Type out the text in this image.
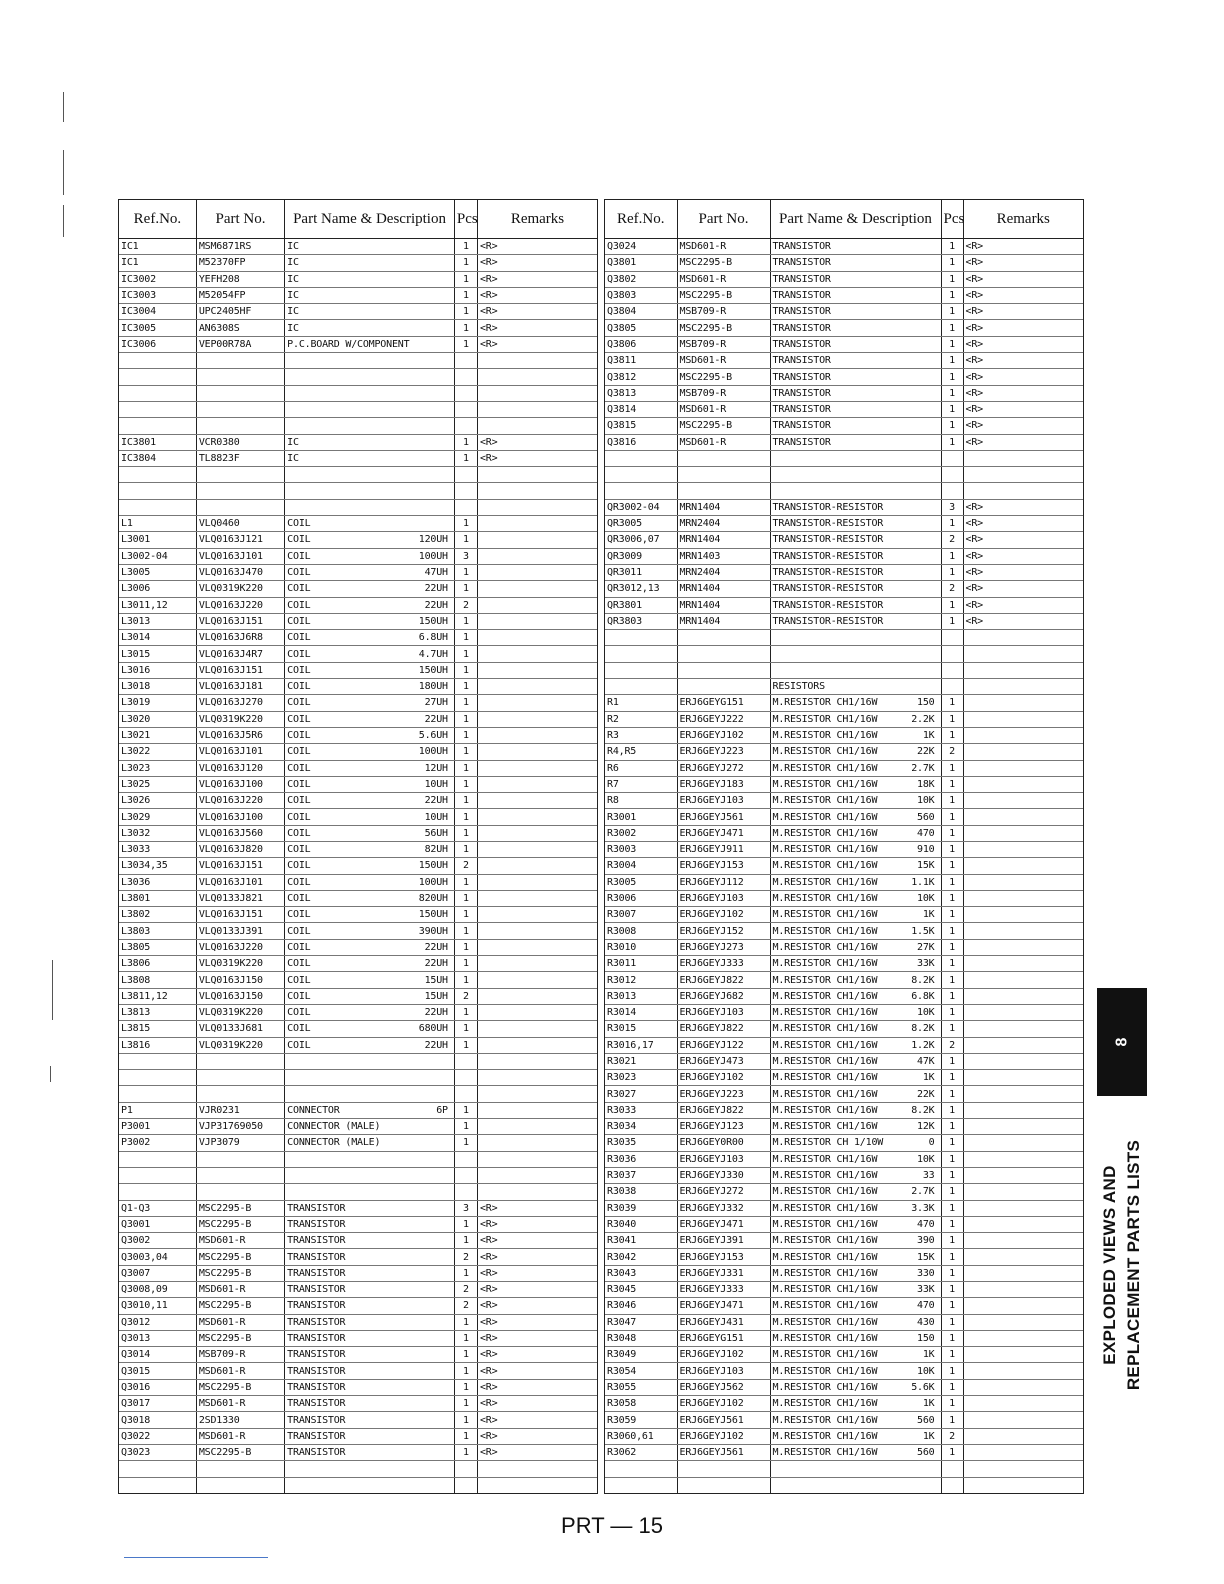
Ref.No.	Part No.	Part Name & Description	Pcs	Remarks
IC1	MSM6871RS	IC	1	<R>
IC1	M52370FP	IC	1	<R>
IC3002	YEFH208	IC	1	<R>
IC3003	M52054FP	IC	1	<R>
IC3004	UPC2405HF	IC	1	<R>
IC3005	AN6308S	IC	1	<R>
IC3006	VEP00R78A	P.C.BOARD W/COMPONENT	1	<R>

IC3801	VCR0380	IC	1	<R>
IC3804	TL8823F	IC	1	<R>

L1	VLQ0460	COIL	1	
L3001	VLQ0163J121	COIL 120UH	1	
L3002-04	VLQ0163J101	COIL 100UH	3	
L3005	VLQ0163J470	COIL 47UH	1	
L3006	VLQ0319K220	COIL 22UH	1	
L3011,12	VLQ0163J220	COIL 22UH	2	
L3013	VLQ0163J151	COIL 150UH	1	
L3014	VLQ0163J6R8	COIL 6.8UH	1	
L3015	VLQ0163J4R7	COIL 4.7UH	1	
L3016	VLQ0163J151	COIL 150UH	1	
L3018	VLQ0163J181	COIL 180UH	1	
L3019	VLQ0163J270	COIL 27UH	1	
L3020	VLQ0319K220	COIL 22UH	1	
L3021	VLQ0163J5R6	COIL 5.6UH	1	
L3022	VLQ0163J101	COIL 100UH	1	
L3023	VLQ0163J120	COIL 12UH	1	
L3025	VLQ0163J100	COIL 10UH	1	
L3026	VLQ0163J220	COIL 22UH	1	
L3029	VLQ0163J100	COIL 10UH	1	
L3032	VLQ0163J560	COIL 56UH	1	
L3033	VLQ0163J820	COIL 82UH	1	
L3034,35	VLQ0163J151	COIL 150UH	2	
L3036	VLQ0163J101	COIL 100UH	1	
L3801	VLQ0133J821	COIL 820UH	1	
L3802	VLQ0163J151	COIL 150UH	1	
L3803	VLQ0133J391	COIL 390UH	1	
L3805	VLQ0163J220	COIL 22UH	1	
L3806	VLQ0319K220	COIL 22UH	1	
L3808	VLQ0163J150	COIL 15UH	1	
L3811,12	VLQ0163J150	COIL 15UH	2	
L3813	VLQ0319K220	COIL 22UH	1	
L3815	VLQ0133J681	COIL 680UH	1	
L3816	VLQ0319K220	COIL 22UH	1	

P1	VJR0231	CONNECTOR 6P	1	
P3001	VJP31769050	CONNECTOR (MALE)	1	
P3002	VJP3079	CONNECTOR (MALE)	1	

Q1-Q3	MSC2295-B	TRANSISTOR	3	<R>
Q3001	MSC2295-B	TRANSISTOR	1	<R>
Q3002	MSD601-R	TRANSISTOR	1	<R>
Q3003,04	MSC2295-B	TRANSISTOR	2	<R>
Q3007	MSC2295-B	TRANSISTOR	1	<R>
Q3008,09	MSD601-R	TRANSISTOR	2	<R>
Q3010,11	MSC2295-B	TRANSISTOR	2	<R>
Q3012	MSD601-R	TRANSISTOR	1	<R>
Q3013	MSC2295-B	TRANSISTOR	1	<R>
Q3014	MSB709-R	TRANSISTOR	1	<R>
Q3015	MSD601-R	TRANSISTOR	1	<R>
Q3016	MSC2295-B	TRANSISTOR	1	<R>
Q3017	MSD601-R	TRANSISTOR	1	<R>
Q3018	2SD1330	TRANSISTOR	1	<R>
Q3022	MSD601-R	TRANSISTOR	1	<R>
Q3023	MSC2295-B	TRANSISTOR	1	<R>

Ref.No.	Part No.	Part Name & Description	Pcs	Remarks
Q3024	MSD601-R	TRANSISTOR	1	<R>
Q3801	MSC2295-B	TRANSISTOR	1	<R>
Q3802	MSD601-R	TRANSISTOR	1	<R>
Q3803	MSC2295-B	TRANSISTOR	1	<R>
Q3804	MSB709-R	TRANSISTOR	1	<R>
Q3805	MSC2295-B	TRANSISTOR	1	<R>
Q3806	MSB709-R	TRANSISTOR	1	<R>
Q3811	MSD601-R	TRANSISTOR	1	<R>
Q3812	MSC2295-B	TRANSISTOR	1	<R>
Q3813	MSB709-R	TRANSISTOR	1	<R>
Q3814	MSD601-R	TRANSISTOR	1	<R>
Q3815	MSC2295-B	TRANSISTOR	1	<R>
Q3816	MSD601-R	TRANSISTOR	1	<R>

QR3002-04	MRN1404	TRANSISTOR-RESISTOR	3	<R>
QR3005	MRN2404	TRANSISTOR-RESISTOR	1	<R>
QR3006,07	MRN1404	TRANSISTOR-RESISTOR	2	<R>
QR3009	MRN1403	TRANSISTOR-RESISTOR	1	<R>
QR3011	MRN2404	TRANSISTOR-RESISTOR	1	<R>
QR3012,13	MRN1404	TRANSISTOR-RESISTOR	2	<R>
QR3801	MRN1404	TRANSISTOR-RESISTOR	1	<R>
QR3803	MRN1404	TRANSISTOR-RESISTOR	1	<R>

		RESISTORS		

R1	ERJ6GEYG151	M.RESISTOR CH1/16W 150	1	
R2	ERJ6GEYJ222	M.RESISTOR CH1/16W 2.2K	1	
R3	ERJ6GEYJ102	M.RESISTOR CH1/16W 1K	1	
R4,R5	ERJ6GEYJ223	M.RESISTOR CH1/16W 22K	2	
R6	ERJ6GEYJ272	M.RESISTOR CH1/16W 2.7K	1	
R7	ERJ6GEYJ183	M.RESISTOR CH1/16W 18K	1	
R8	ERJ6GEYJ103	M.RESISTOR CH1/16W 10K	1	
R3001	ERJ6GEYJ561	M.RESISTOR CH1/16W 560	1	
R3002	ERJ6GEYJ471	M.RESISTOR CH1/16W 470	1	
R3003	ERJ6GEYJ911	M.RESISTOR CH1/16W 910	1	
R3004	ERJ6GEYJ153	M.RESISTOR CH1/16W 15K	1	
R3005	ERJ6GEYJ112	M.RESISTOR CH1/16W 1.1K	1	
R3006	ERJ6GEYJ103	M.RESISTOR CH1/16W 10K	1	
R3007	ERJ6GEYJ102	M.RESISTOR CH1/16W 1K	1	
R3008	ERJ6GEYJ152	M.RESISTOR CH1/16W 1.5K	1	
R3010	ERJ6GEYJ273	M.RESISTOR CH1/16W 27K	1	
R3011	ERJ6GEYJ333	M.RESISTOR CH1/16W 33K	1	
R3012	ERJ6GEYJ822	M.RESISTOR CH1/16W 8.2K	1	
R3013	ERJ6GEYJ682	M.RESISTOR CH1/16W 6.8K	1	
R3014	ERJ6GEYJ103	M.RESISTOR CH1/16W 10K	1	
R3015	ERJ6GEYJ822	M.RESISTOR CH1/16W 8.2K	1	
R3016,17	ERJ6GEYJ122	M.RESISTOR CH1/16W 1.2K	2	
R3021	ERJ6GEYJ473	M.RESISTOR CH1/16W 47K	1	
R3023	ERJ6GEYJ102	M.RESISTOR CH1/16W 1K	1	
R3027	ERJ6GEYJ223	M.RESISTOR CH1/16W 22K	1	
R3033	ERJ6GEYJ822	M.RESISTOR CH1/16W 8.2K	1	
R3034	ERJ6GEYJ123	M.RESISTOR CH1/16W 12K	1	
R3035	ERJ6GEY0R00	M.RESISTOR CH 1/10W 0	1	
R3036	ERJ6GEYJ103	M.RESISTOR CH1/16W 10K	1	
R3037	ERJ6GEYJ330	M.RESISTOR CH1/16W 33	1	
R3038	ERJ6GEYJ272	M.RESISTOR CH1/16W 2.7K	1	
R3039	ERJ6GEYJ332	M.RESISTOR CH1/16W 3.3K	1	
R3040	ERJ6GEYJ471	M.RESISTOR CH1/16W 470	1	
R3041	ERJ6GEYJ391	M.RESISTOR CH1/16W 390	1	
R3042	ERJ6GEYJ153	M.RESISTOR CH1/16W 15K	1	
R3043	ERJ6GEYJ331	M.RESISTOR CH1/16W 330	1	
R3045	ERJ6GEYJ333	M.RESISTOR CH1/16W 33K	1	
R3046	ERJ6GEYJ471	M.RESISTOR CH1/16W 470	1	
R3047	ERJ6GEYJ431	M.RESISTOR CH1/16W 430	1	
R3048	ERJ6GEYG151	M.RESISTOR CH1/16W 150	1	
R3049	ERJ6GEYJ102	M.RESISTOR CH1/16W 1K	1	
R3054	ERJ6GEYJ103	M.RESISTOR CH1/16W 10K	1	
R3055	ERJ6GEYJ562	M.RESISTOR CH1/16W 5.6K	1	
R3058	ERJ6GEYJ102	M.RESISTOR CH1/16W 1K	1	
R3059	ERJ6GEYJ561	M.RESISTOR CH1/16W 560	1	
R3060,61	ERJ6GEYJ102	M.RESISTOR CH1/16W 1K	2	
R3062	ERJ6GEYJ561	M.RESISTOR CH1/16W 560	1	

8
EXPLODED VIEWS AND REPLACEMENT PARTS LISTS
PRT — 15
